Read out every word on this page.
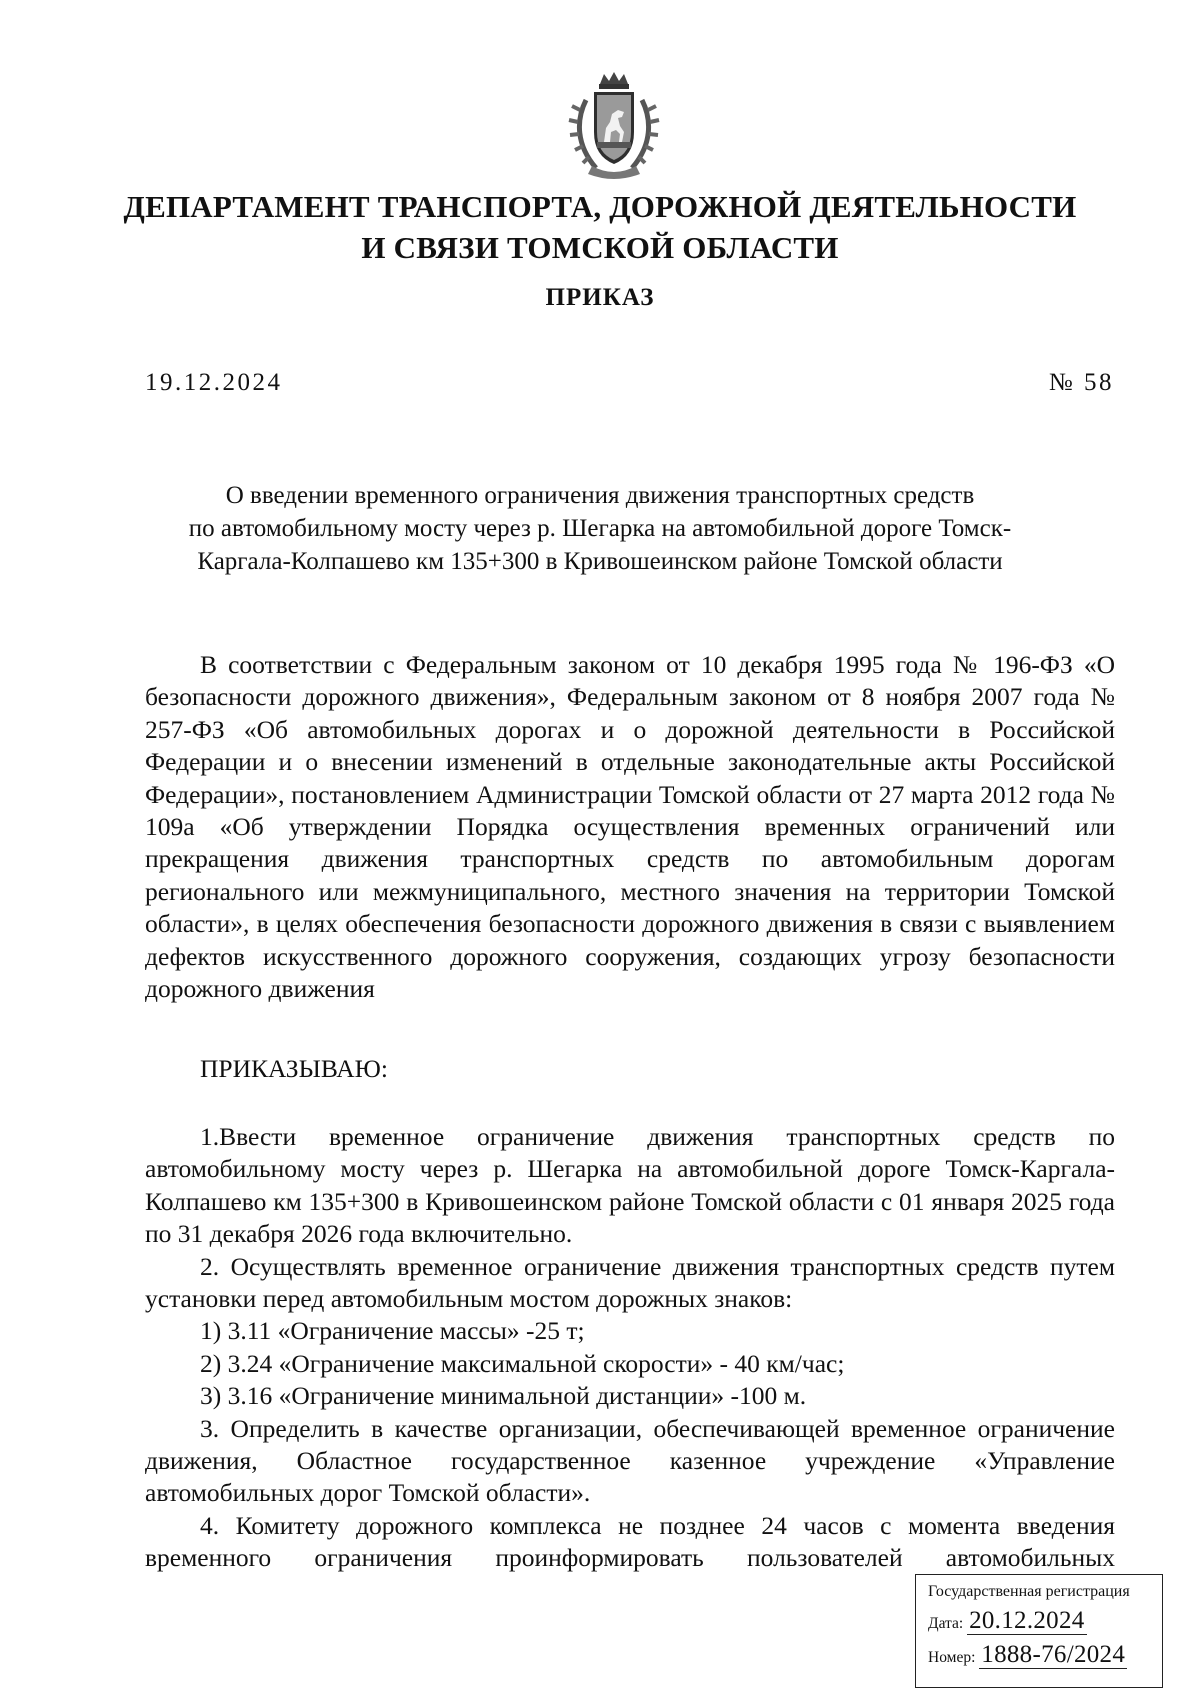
ДЕПАРТАМЕНТ ТРАНСПОРТА, ДОРОЖНОЙ ДЕЯТЕЛЬНОСТИ
И СВЯЗИ ТОМСКОЙ ОБЛАСТИ
ПРИКАЗ
19.12.2024	№ 58
О введении временного ограничения движения транспортных средств
по автомобильному мосту через р. Шегарка на автомобильной дороге Томск-
Каргала-Колпашево км 135+300 в Кривошеинском районе Томской области

В соответствии с Федеральным законом от 10 декабря 1995 года № 196-ФЗ «О безопасности дорожного движения», Федеральным законом от 8 ноября 2007 года № 257-ФЗ «Об автомобильных дорогах и о дорожной деятельности в Российской Федерации и о внесении изменений в отдельные законодательные акты Российской Федерации», постановлением Администрации Томской области от 27 марта 2012 года № 109а «Об утверждении Порядка осуществления временных ограничений или прекращения движения транспортных средств по автомобильным дорогам регионального или межмуниципального, местного значения на территории Томской области», в целях обеспечения безопасности дорожного движения в связи с выявлением дефектов искусственного дорожного сооружения, создающих угрозу безопасности дорожного движения

ПРИКАЗЫВАЮ:

1.Ввести временное ограничение движения транспортных средств по автомобильному мосту через р. Шегарка на автомобильной дороге Томск-Каргала-Колпашево км 135+300 в Кривошеинском районе Томской области с 01 января 2025 года по 31 декабря 2026 года включительно.

2. Осуществлять временное ограничение движения транспортных средств путем установки перед автомобильным мостом дорожных знаков:

1) 3.11 «Ограничение массы» -25 т;

2) 3.24 «Ограничение максимальной скорости» - 40 км/час;

3) 3.16 «Ограничение минимальной дистанции» -100 м.

3. Определить в качестве организации, обеспечивающей временное ограничение движения, Областное государственное казенное учреждение «Управление автомобильных дорог Томской области».

4. Комитету дорожного комплекса не позднее 24 часов с момента введения временного ограничения проинформировать пользователей автомобильных

Государственная регистрация
Дата: 20.12.2024
Номер: 1888-76/2024
